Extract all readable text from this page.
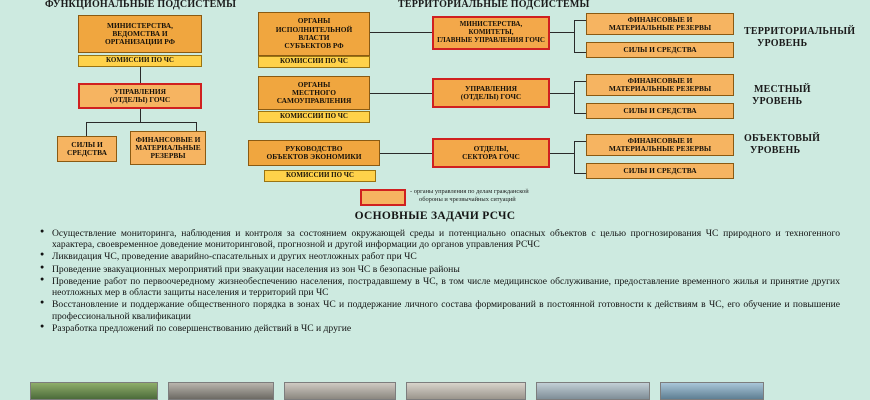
ФУНКЦИОНАЛЬНЫЕ ПОДСИСТЕМЫ	ТЕРРИТОРИАЛЬНЫЕ ПОДСИСТЕМЫ
ТЕРРИТОРИАЛЬНЫЙ
УРОВЕНЬ
МЕСТНЫЙ
УРОВЕНЬ
ОБЪЕКТОВЫЙ
УРОВЕНЬ
МИНИСТЕРСТВА,
ВЕДОМСТВА И
ОРГАНИЗАЦИИ РФ
КОМИССИИ ПО ЧС
УПРАВЛЕНИЯ
(ОТДЕЛЫ) ГОЧС
СИЛЫ И
СРЕДСТВА
ФИНАНСОВЫЕ И
МАТЕРИАЛЬНЫЕ
РЕЗЕРВЫ
ОРГАНЫ
ИСПОЛНИТЕЛЬНОЙ
ВЛАСТИ
СУБЪЕКТОВ РФ
КОМИССИИ ПО ЧС
ОРГАНЫ
МЕСТНОГО
САМОУПРАВЛЕНИЯ
КОМИССИИ ПО ЧС
РУКОВОДСТВО
ОБЪЕКТОВ ЭКОНОМИКИ
КОМИССИИ ПО ЧС
МИНИСТЕРСТВА,
КОМИТЕТЫ,
ГЛАВНЫЕ УПРАВЛЕНИЯ ГОЧС
УПРАВЛЕНИЯ
(ОТДЕЛЫ) ГОЧС
ОТДЕЛЫ,
СЕКТОРА ГОЧС
ФИНАНСОВЫЕ И
МАТЕРИАЛЬНЫЕ РЕЗЕРВЫ
СИЛЫ И СРЕДСТВА
ФИНАНСОВЫЕ И
МАТЕРИАЛЬНЫЕ РЕЗЕРВЫ
СИЛЫ И СРЕДСТВА
ФИНАНСОВЫЕ И
МАТЕРИАЛЬНЫЕ РЕЗЕРВЫ
СИЛЫ И СРЕДСТВА
- органы управления по делам гражданской
обороны и чрезвычайных ситуаций
ОСНОВНЫЕ ЗАДАЧИ РСЧС
● Осуществление мониторинга, наблюдения и контроля за состоянием окружающей среды и потенциально опасных объектов с целью прогнозирования ЧС природного и техногенного характера, своевременное доведение мониторинговой, прогнозной и другой информации до органов управления РСЧС
● Ликвидация ЧС, проведение аварийно-спасательных и других неотложных работ при ЧС
● Проведение эвакуационных мероприятий при эвакуации населения из зон ЧС в безопасные районы
● Проведение работ по первоочередному жизнеобеспечению населения, пострадавшему в ЧС, в том числе медицинское обслуживание, предоставление временного жилья и принятие других неотложных мер в области защиты населения и территорий при ЧС
● Восстановление и поддержание общественного порядка в зонах ЧС и поддержание личного состава формирований в постоянной готовности к действиям в ЧС, его обучение и повышение профессиональной квалификации
● Разработка предложений по совершенствованию действий в ЧС и другие
